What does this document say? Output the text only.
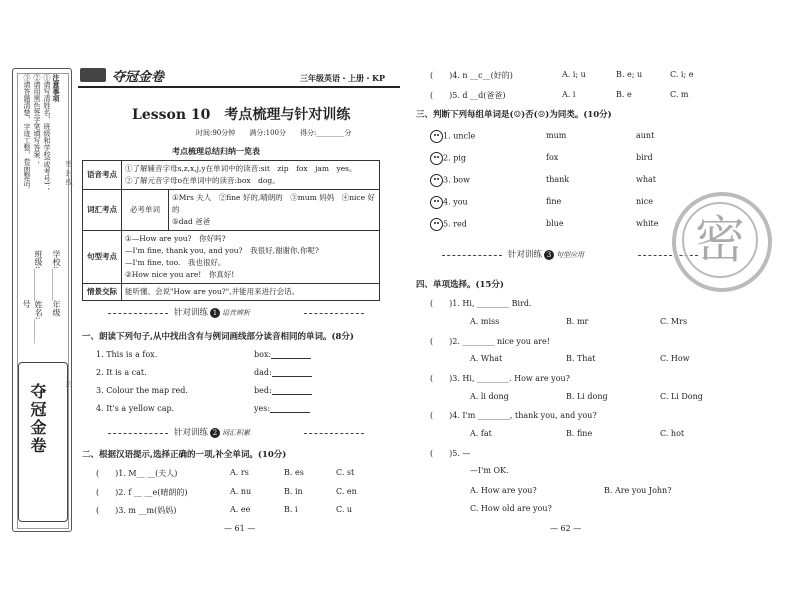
注意事项
①请写清姓名、班级和学校(或考号)；
②请用黑色签字笔填写答案；
③请答题清楚，字迹工整，卷面整洁。
学校:________年级
班级:________姓名:______
号
密 封 线
封
夺冠金卷
夺冠金卷	三年级英语・上册・KP
Lesson 10　考点梳理与针对训练
时间:90分钟　　满分:100分　　得分:________分
考点梳理总结归纳一览表
语音考点	①了解辅音字母s,z,x,j,y在单词中的读音:sit　zip　fox　jam　yes。
②了解元音字母o在单词中的读音:box　dog。	

词汇考点	必考单词	①Mrs 夫人　②fine 好的,晴朗的　③mum 妈妈　④nice 好的
⑤dad 爸爸

句型考点	①—How are you?　你好吗?
—I'm fine, thank you, and you?　我很好,谢谢你,你呢?
—I'm fine, too.　我也很好。
②How nice you are!　你真好!	

情景交际	能听懂、会说"How are you?",并能用来进行会话。	
针对训练 1 语音辨析
一、朗读下列句子,从中找出含有与例词画线部分读音相同的单词。(8分)
1. This is a fox.	box:
2. It is a cat.	dad:
3. Colour the map red.	bed:
4. It's a yellow cap.	yes:
针对训练 2 词汇积累
二、根据汉语提示,选择正确的一项,补全单词。(10分)
(　　)1. M__ __(夫人)	A. rs	B. es	C. st
(　　)2. f __ __e(晴朗的)	A. nu	B. in	C. en
(　　)3. m __m(妈妈)	A. ee	B. i	C. u
— 61 —
(　　)4. n __c__(好的)	A. i; u	B. e; u	C. i; e
(　　)5. d __d(爸爸)	A. i	B. e	C. m
三、判断下列每组单词是(☺)否(☹)为同类。(10分)
1. uncle	mum	aunt
2. pig	fox	bird
3. bow	thank	what
4. you	fine	nice
5. red	blue	white
针对训练 3 句型应用
四、单项选择。(15分)
(　　)1. Hi, ________ Bird.
A. miss	B. mr	C. Mrs
(　　)2. ________ nice you are!
A. What	B. That	C. How
(　　)3. Hi, ________. How are you?
A. li dong	B. Li dong	C. Li Dong
(　　)4. I'm ________, thank you, and you?
A. fat	B. fine	C. hot
(　　)5. —
—I'm OK.
A. How are you?	B. Are you John?
C. How old are you?
密
— 62 —
